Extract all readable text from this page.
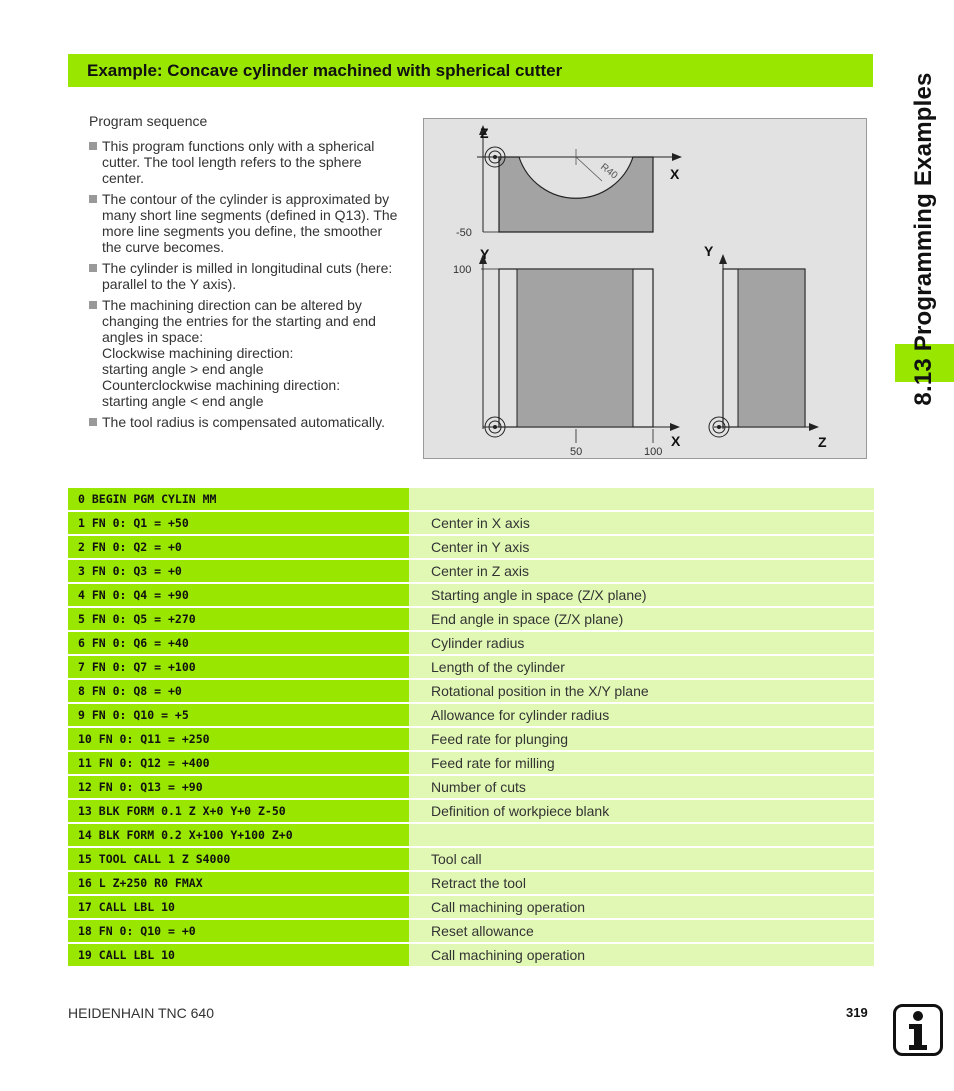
Example: Concave cylinder machined with spherical cutter
8.13 Programming Examples
Program sequence
This program functions only with a spherical
cutter. The tool length refers to the sphere
center.
The contour of the cylinder is approximated by
many short line segments (defined in Q13). The
more line segments you define, the smoother
the curve becomes.
The cylinder is milled in longitudinal cuts (here:
parallel to the Y axis).
The machining direction can be altered by
changing the entries for the starting and end
angles in space:
Clockwise machining direction:
starting angle > end angle
Counterclockwise machining direction:
starting angle < end angle
The tool radius is compensated automatically.
Z
X
R40
-50
Y
100
X
50	100
Y
Z
0 BEGIN PGM CYLIN MM
1 FN 0: Q1 = +50	Center in X axis
2 FN 0: Q2 = +0	Center in Y axis
3 FN 0: Q3 = +0	Center in Z axis
4 FN 0: Q4 = +90	Starting angle in space (Z/X plane)
5 FN 0: Q5 = +270	End angle in space (Z/X plane)
6 FN 0: Q6 = +40	Cylinder radius
7 FN 0: Q7 = +100	Length of the cylinder
8 FN 0: Q8 = +0	Rotational position in the X/Y plane
9 FN 0: Q10 = +5	Allowance for cylinder radius
10 FN 0: Q11 = +250	Feed rate for plunging
11 FN 0: Q12 = +400	Feed rate for milling
12 FN 0: Q13 = +90	Number of cuts
13 BLK FORM 0.1 Z X+0 Y+0 Z-50	Definition of workpiece blank
14 BLK FORM 0.2 X+100 Y+100 Z+0
15 TOOL CALL 1 Z S4000	Tool call
16 L Z+250 R0 FMAX	Retract the tool
17 CALL LBL 10	Call machining operation
18 FN 0: Q10 = +0	Reset allowance
19 CALL LBL 10	Call machining operation
HEIDENHAIN TNC 640	319
